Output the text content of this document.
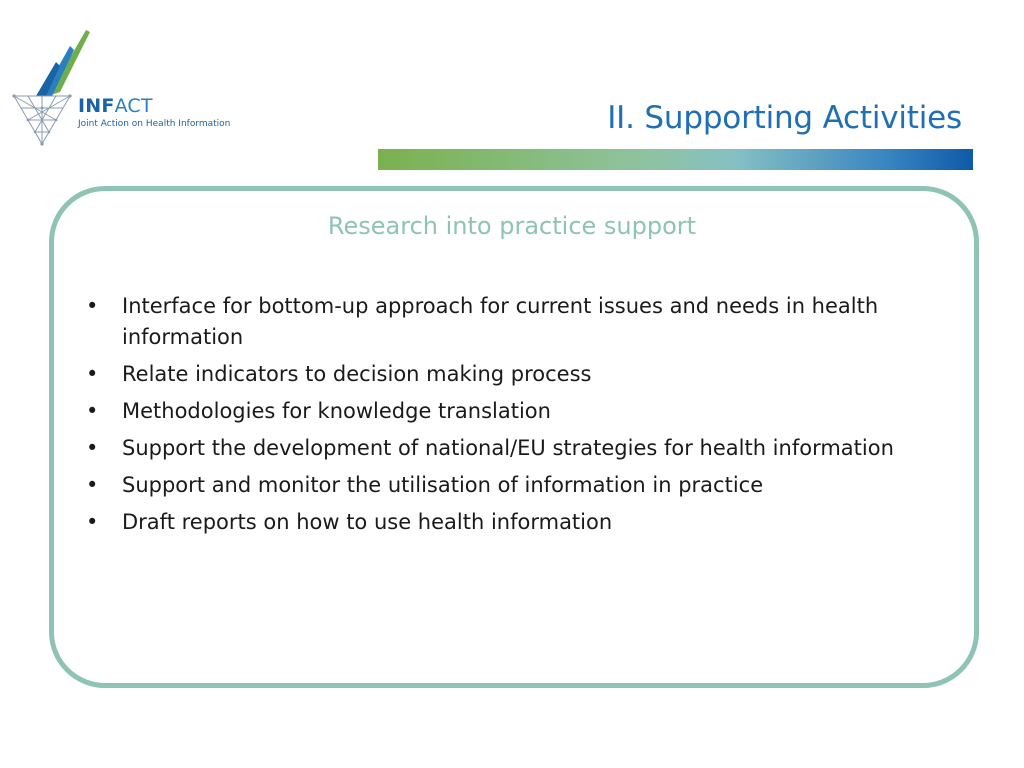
INFACT
Joint Action on Health Information	II. Supporting Activities
Research into practice support
•	Interface for bottom-up approach for current issues and needs in health information
•	Relate indicators to decision making process
•	Methodologies for knowledge translation
•	Support the development of national/EU strategies for health information
•	Support and monitor the utilisation of information in practice
•	Draft reports on how to use health information
